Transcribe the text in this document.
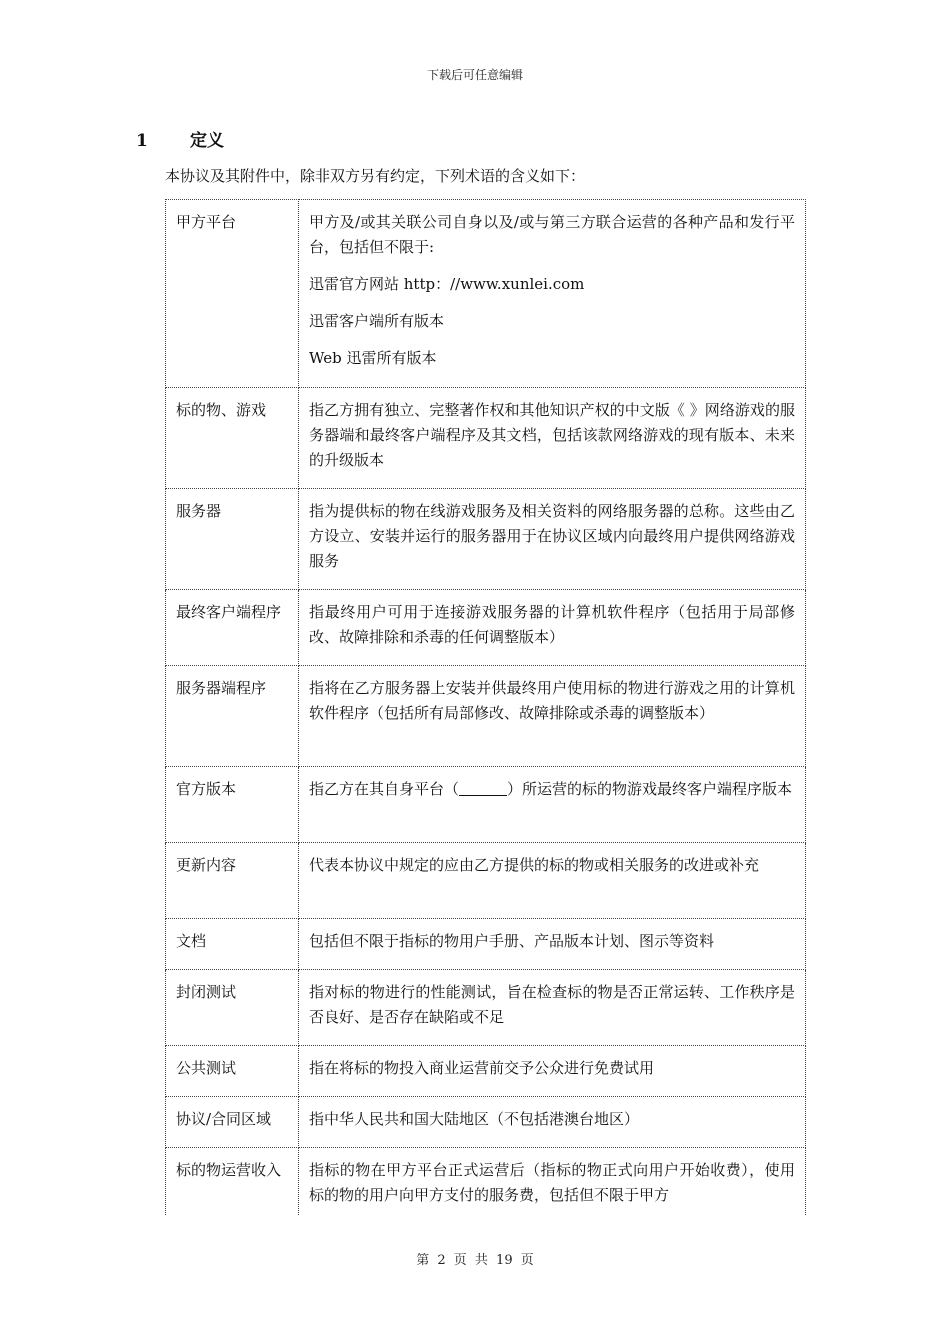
下载后可任意编辑
1 定义
本协议及其附件中，除非双方另有约定，下列术语的含义如下：
甲方平台	甲方及/或其关联公司自身以及/或与第三方联合运营的各种产品和发行平台，包括但不限于:

迅雷官方网站 http：//www.xunlei.com

迅雷客户端所有版本

Web 迅雷所有版本

标的物、游戏	指乙方拥有独立、完整著作权和其他知识产权的中文版《 》网络游戏的服务器端和最终客户端程序及其文档，包括该款网络游戏的现有版本、未来的升级版本

服务器	指为提供标的物在线游戏服务及相关资料的网络服务器的总称。这些由乙方设立、安装并运行的服务器用于在协议区域内向最终用户提供网络游戏服务

最终客户端程序	指最终用户可用于连接游戏服务器的计算机软件程序（包括用于局部修改、故障排除和杀毒的任何调整版本）

服务器端程序	指将在乙方服务器上安装并供最终用户使用标的物进行游戏之用的计算机软件程序（包括所有局部修改、故障排除或杀毒的调整版本）

官方版本	指乙方在其自身平台（ ）所运营的标的物游戏最终客户端程序版本

更新内容	代表本协议中规定的应由乙方提供的标的物或相关服务的改进或补充

文档	包括但不限于指标的物用户手册、产品版本计划、图示等资料

封闭测试	指对标的物进行的性能测试，旨在检查标的物是否正常运转、工作秩序是否良好、是否存在缺陷或不足

公共测试	指在将标的物投入商业运营前交予公众进行免费试用

协议/合同区域	指中华人民共和国大陆地区（不包括港澳台地区）

标的物运营收入	指标的物在甲方平台正式运营后（指标的物正式向用户开始收费），使用标的物的用户向甲方支付的服务费，包括但不限于甲方

第 2 页 共 19 页
